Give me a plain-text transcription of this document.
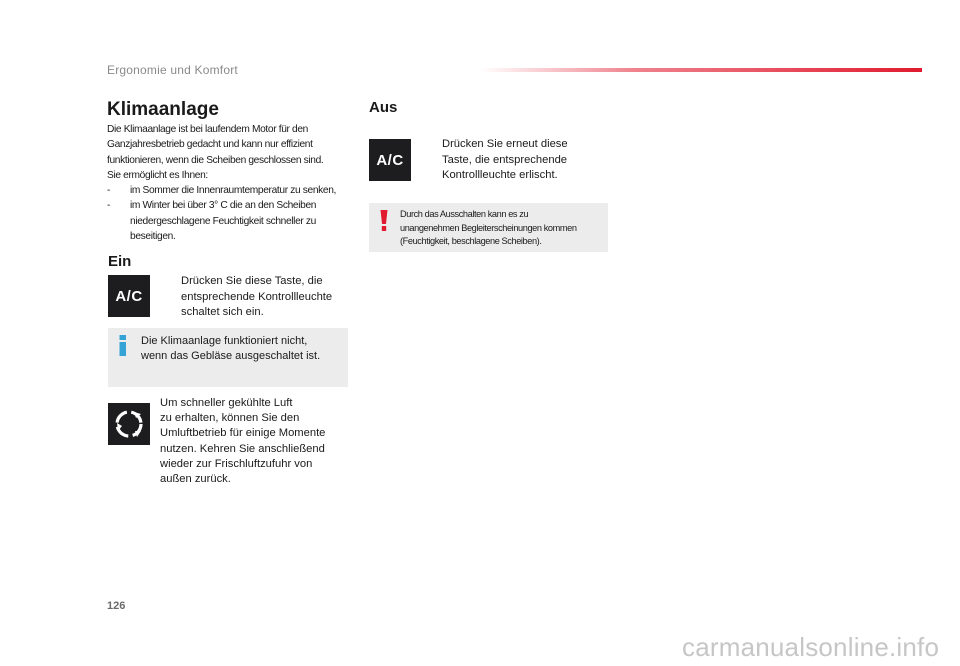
Ergonomie und Komfort
Klimaanlage

Die Klimaanlage ist bei laufendem Motor für den

Ganzjahresbetrieb gedacht und kann nur effizient

funktionieren, wenn die Scheiben geschlossen sind.

Sie ermöglicht es Ihnen:

- im Sommer die Innenraumtemperatur zu senken,

- im Winter bei über 3° C die an den Scheiben

niedergeschlagene Feuchtigkeit schneller zu

beseitigen.

Ein
A/C
Drücken Sie diese Taste, die
entsprechende Kontrollleuchte
schaltet sich ein.
Die Klimaanlage funktioniert nicht,
wenn das Gebläse ausgeschaltet ist.
Um schneller gekühlte Luft
zu erhalten, können Sie den
Umluftbetrieb für einige Momente
nutzen. Kehren Sie anschließend
wieder zur Frischluftzufuhr von
außen zurück.
Aus
A/C
Drücken Sie erneut diese
Taste, die entsprechende
Kontrollleuchte erlischt.
Durch das Ausschalten kann es zu
unangenehmen Begleiterscheinungen kommen
(Feuchtigkeit, beschlagene Scheiben).
126
carmanualsonline.info
